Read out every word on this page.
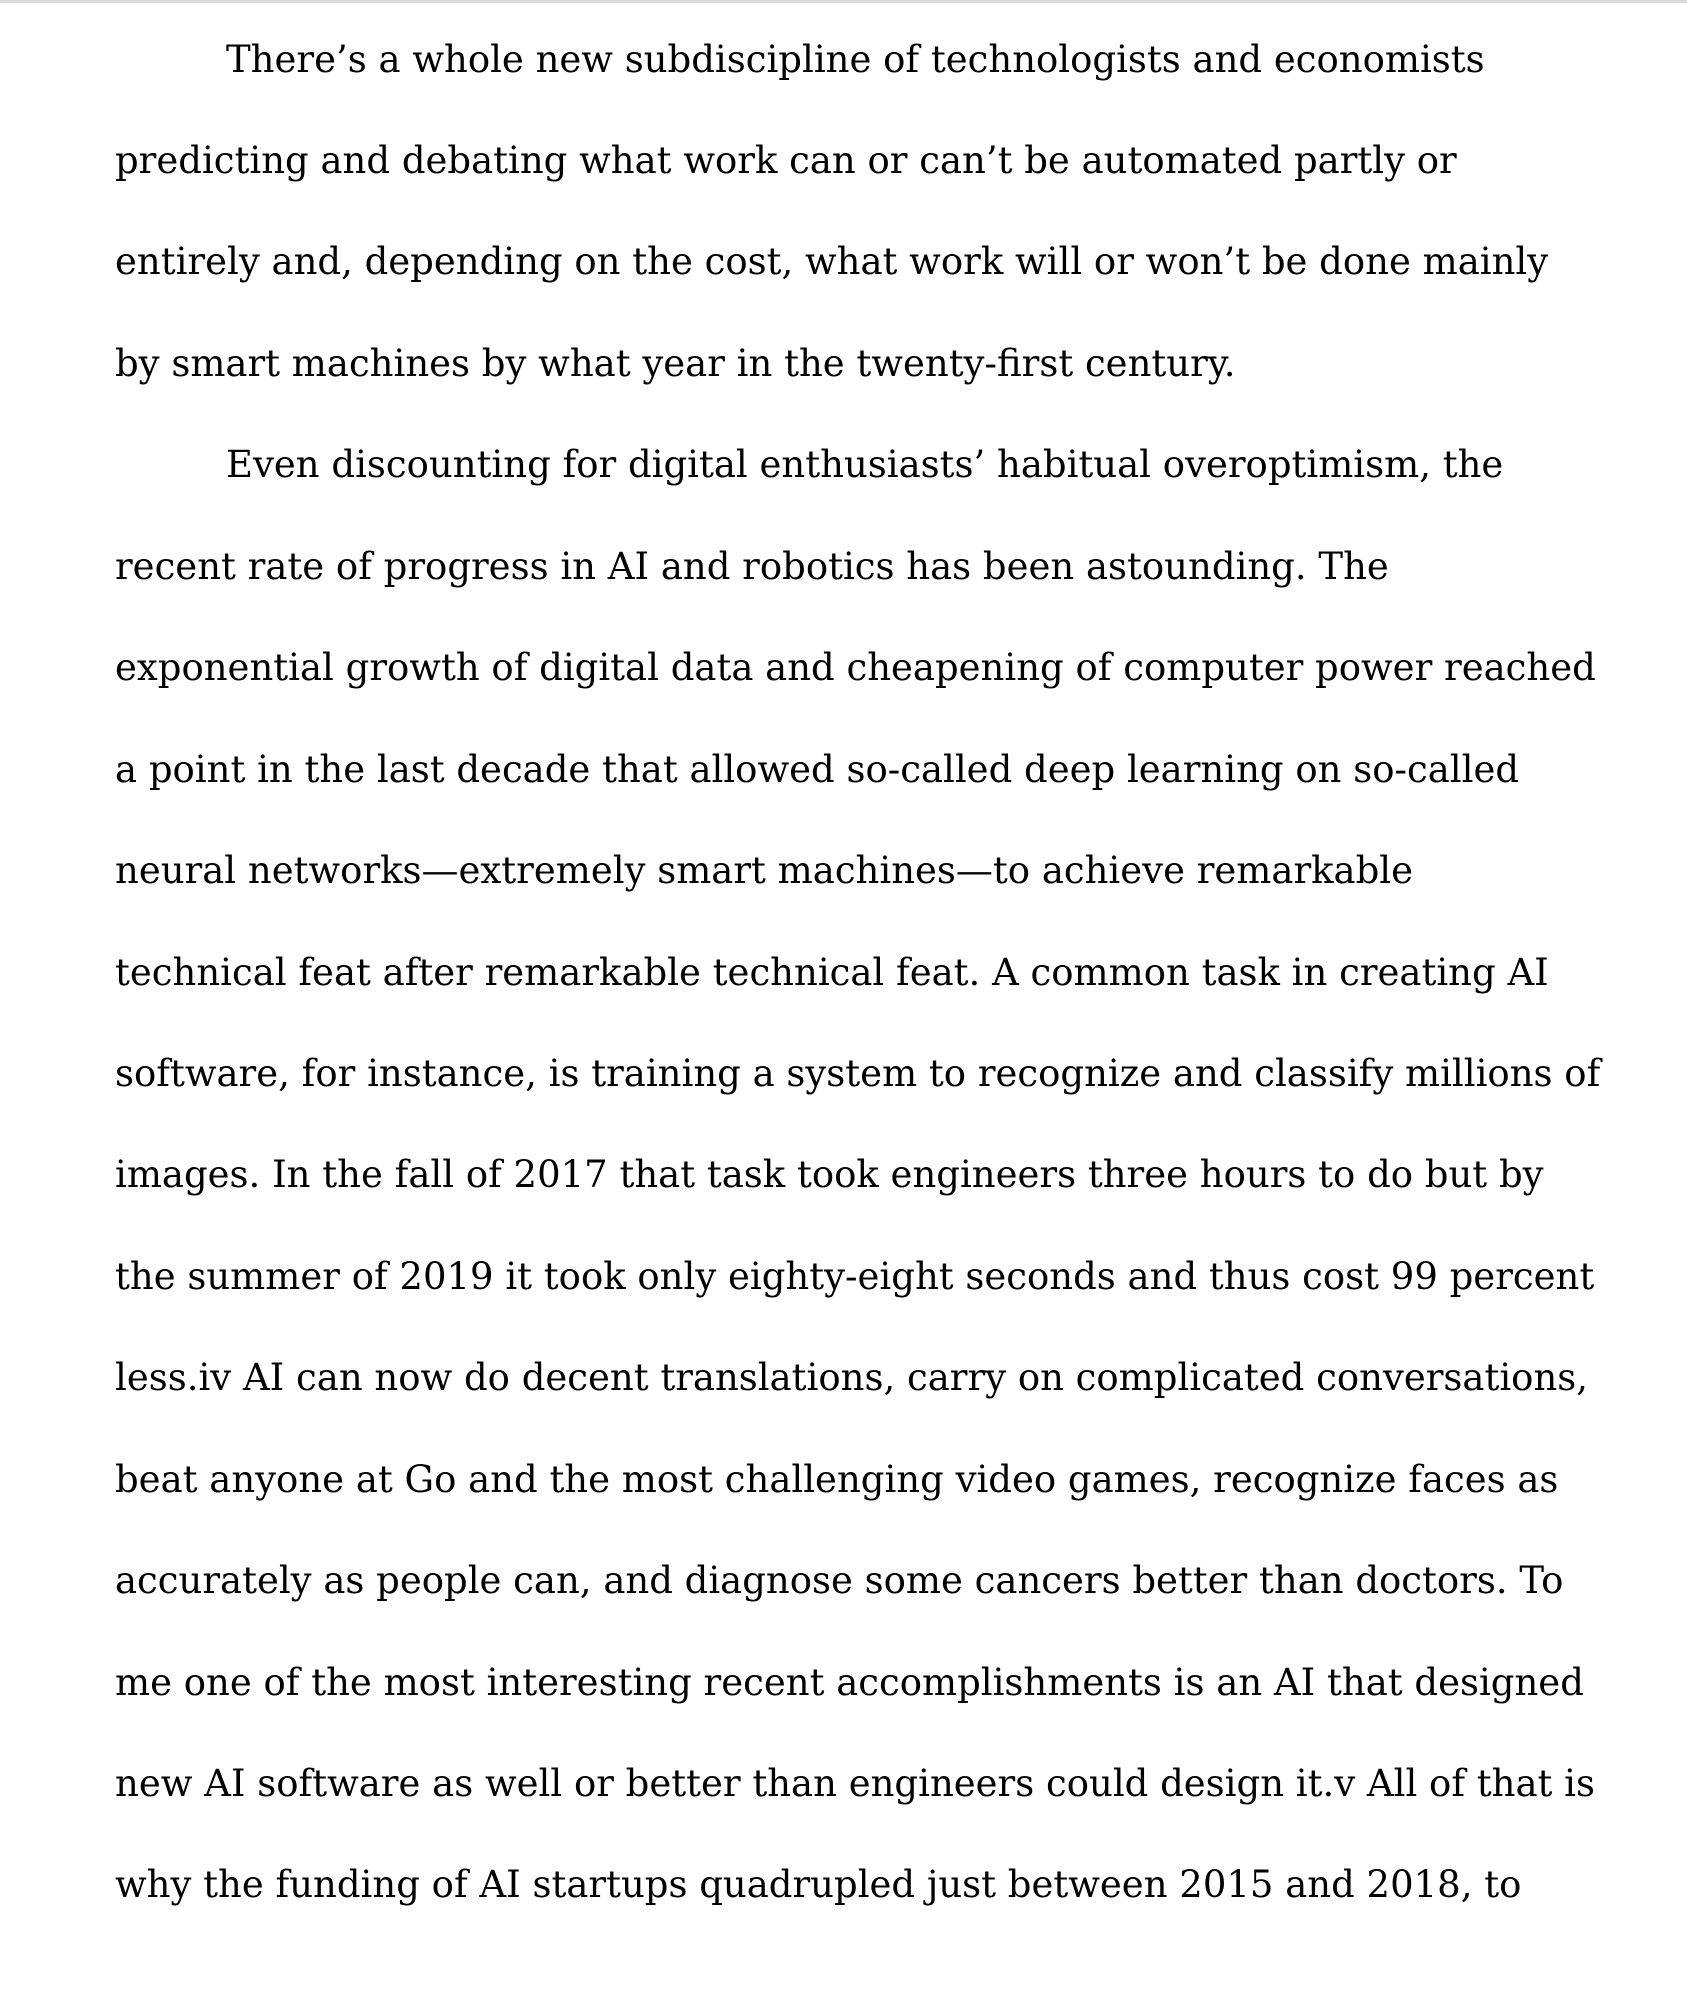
There’s a whole new subdiscipline of technologists and economists
predicting and debating what work can or can’t be automated partly or
entirely and, depending on the cost, what work will or won’t be done mainly
by smart machines by what year in the twenty-first century.
Even discounting for digital enthusiasts’ habitual overoptimism, the
recent rate of progress in AI and robotics has been astounding. The
exponential growth of digital data and cheapening of computer power reached
a point in the last decade that allowed so-called deep learning on so-called
neural networks—extremely smart machines—to achieve remarkable
technical feat after remarkable technical feat. A common task in creating AI
software, for instance, is training a system to recognize and classify millions of
images. In the fall of 2017 that task took engineers three hours to do but by
the summer of 2019 it took only eighty-eight seconds and thus cost 99 percent
less.iv AI can now do decent translations, carry on complicated conversations,
beat anyone at Go and the most challenging video games, recognize faces as
accurately as people can, and diagnose some cancers better than doctors. To
me one of the most interesting recent accomplishments is an AI that designed
new AI software as well or better than engineers could design it.v All of that is
why the funding of AI startups quadrupled just between 2015 and 2018, to
